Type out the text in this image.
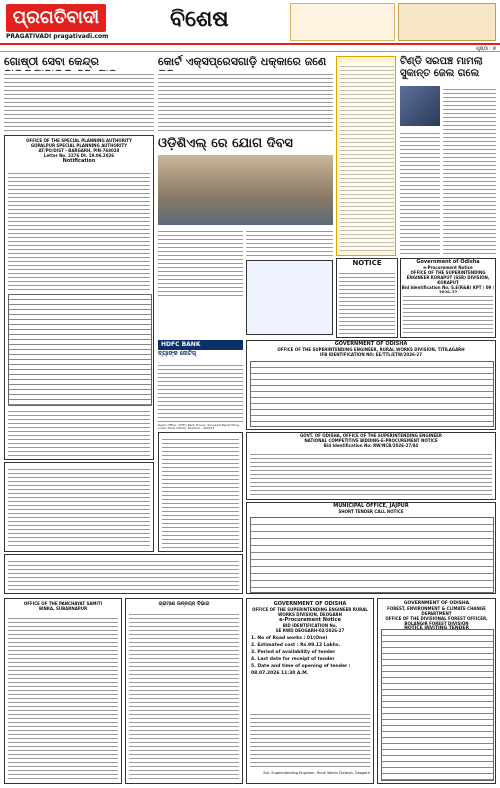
ପ୍ରଗତିବାଦୀ
PRAGATIVADI pragativadi.com
ବିଶେଷ
ପୃଷ୍ଠା : ୭
ଗୋଷ୍ଠୀ ସେବା କେନ୍ଦ୍ର	କୋର୍ଟ ଏକ୍ସପ୍ରେସଗାଡ଼ି ଧକ୍କାରେ ଜଣେ	ଟିଣ୍ଡି ସରପଞ୍ଚ ମାମଲା ସୁକାନ୍ତ ଜେଲ ଗଲେ
OFFICE OF THE SPECIAL PLANNING AUTHORITY
GOPALPUR SPECIAL PLANNING AUTHORITY
AT/PO/DIST - BARGARH, PIN-768028
Letter No. 2276 Dt. 19.06.2026
Notification
ଓଡ଼ିଶିଏଲ୍ ରେ ଯୋଗ ଦିବସ
NOTICE	Government of Odisha
e-Procurement Notice
OFFICE OF THE SUPERINTENDING ENGINEER KORAPUT (SSR) DIVISION, KORAPUT
Bid Identification No. S.E(R&B) KPT / 09 /
GOVERNMENT OF ODISHA
OFFICE OF THE SUPERINTENDING ENGINEER, RURAL WORKS DIVISION, TITILAGARH
IFB IDENTIFICATION NO: EE/TTL/ETW/2026-27
HDFC BANK
ବ୍ୟାଙ୍କ ନୋଟିସ୍
Regd. Office: HDFC Bank House, Senapati Bapat Marg, Lower Parel (West), Mumbai - 400013
GOVT. OF ODISHA, OFFICE OF THE SUPERINTENDING ENGINEER
NATIONAL COMPETITIVE BIDDING-E-PROCUREMENT NOTICE
Bid Identification No: RW/NCB/2026-27/04
MUNICIPAL OFFICE, JAJPUR
SHORT TENDER CALL NOTICE
OFFICE OF THE PANCHAYAT SAMITI
BINKA, SUBARNAPUR
ଗ୍ରାମୀଣ ଉନ୍ନୟନ ବିଭାଗ	GOVERNMENT OF ODISHA
OFFICE OF THE SUPERINTENDING ENGINEER RURAL WORKS DIVISION, DEOGARH
e-Procurement Notice
BID IDENTIFICATION No.
SE RWD DEOGARH-02/2026-27
1. No of Road works : 01(One)
2. Estimated cost : Rs.99.12 Lakhs.
3. Period of availability of tender
4. Last date for receipt of tender
5. Date and time of opening of tender : 08.07.2026 11:30 A.M.
Sd/- Superintending Engineer, Rural Works Division, Deogarh
GOVERNMENT OF ODISHA
FOREST, ENVIRONMENT & CLIMATE CHANGE DEPARTMENT
OFFICE OF THE DIVISIONAL FOREST OFFICER, BOLANGIR FOREST DIVISION
